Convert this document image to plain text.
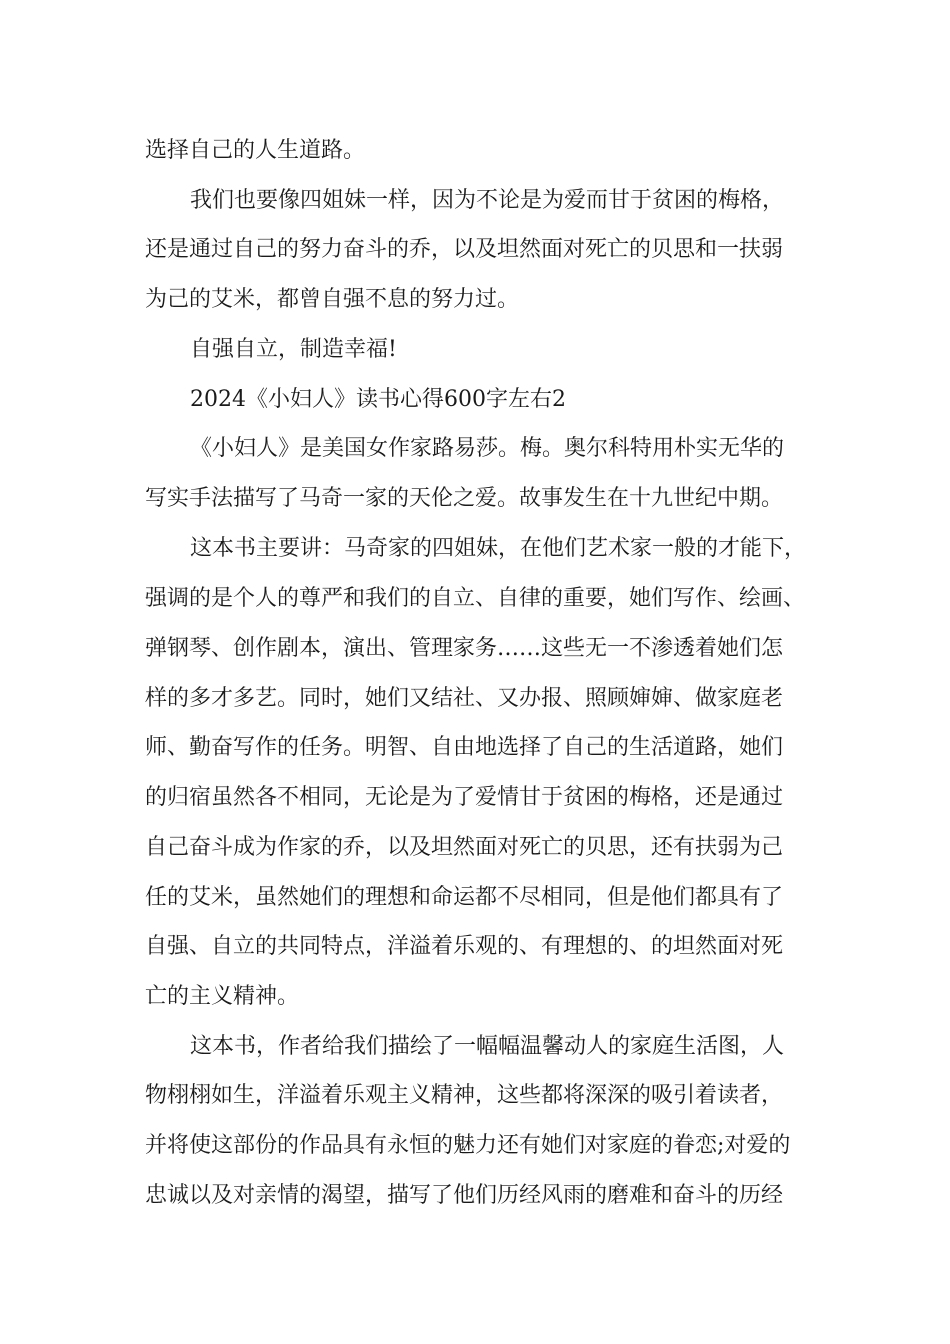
选择自己的人生道路。

我们也要像四姐妹一样，因为不论是为爱而甘于贫困的梅格，

还是通过自己的努力奋斗的乔，以及坦然面对死亡的贝思和一扶弱

为己的艾米，都曾自强不息的努力过。

自强自立，制造幸福!

2024《小妇人》读书心得600字左右2

《小妇人》是美国女作家路易莎。梅。奥尔科特用朴实无华的

写实手法描写了马奇一家的天伦之爱。故事发生在十九世纪中期。

这本书主要讲：马奇家的四姐妹，在他们艺术家一般的才能下，

强调的是个人的尊严和我们的自立、自律的重要，她们写作、绘画、

弹钢琴、创作剧本，演出、管理家务……这些无一不渗透着她们怎

样的多才多艺。同时，她们又结社、又办报、照顾婶婶、做家庭老

师、勤奋写作的任务。明智、自由地选择了自己的生活道路，她们

的归宿虽然各不相同，无论是为了爱情甘于贫困的梅格，还是通过

自己奋斗成为作家的乔，以及坦然面对死亡的贝思，还有扶弱为己

任的艾米，虽然她们的理想和命运都不尽相同，但是他们都具有了

自强、自立的共同特点，洋溢着乐观的、有理想的、的坦然面对死

亡的主义精神。

这本书，作者给我们描绘了一幅幅温馨动人的家庭生活图，人

物栩栩如生，洋溢着乐观主义精神，这些都将深深的吸引着读者，

并将使这部份的作品具有永恒的魅力还有她们对家庭的眷恋;对爱的

忠诚以及对亲情的渴望，描写了他们历经风雨的磨难和奋斗的历经
